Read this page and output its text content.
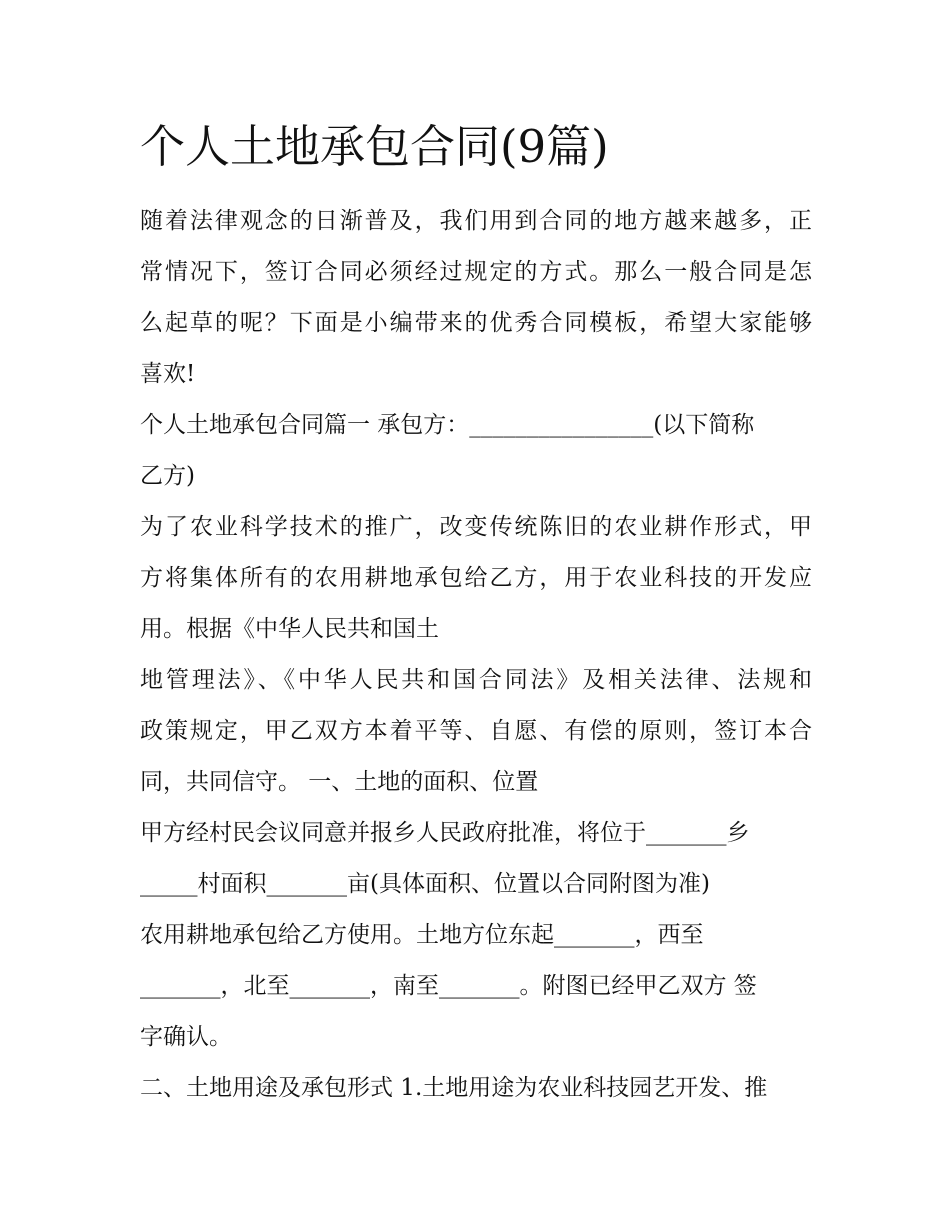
个人土地承包合同(9篇)
随着法律观念的日渐普及，我们用到合同的地方越来越多，正
常情况下，签订合同必须经过规定的方式。那么一般合同是怎
么起草的呢？下面是小编带来的优秀合同模板，希望大家能够
喜欢!
个人土地承包合同篇一 承包方：________________(以下简称
乙方)
为了农业科学技术的推广，改变传统陈旧的农业耕作形式，甲
方将集体所有的农用耕地承包给乙方，用于农业科技的开发应
用。根据《中华人民共和国土
地管理法》、《中华人民共和国合同法》及相关法律、法规和
政策规定，甲乙双方本着平等、自愿、有偿的原则，签订本合
同，共同信守。 一、土地的面积、位置
甲方经村民会议同意并报乡人民政府批准，将位于_______乡
_____村面积_______亩(具体面积、位置以合同附图为准)
农用耕地承包给乙方使用。土地方位东起_______，西至
_______，北至_______，南至_______。附图已经甲乙双方 签
字确认。
二、土地用途及承包形式 1.土地用途为农业科技园艺开发、推
